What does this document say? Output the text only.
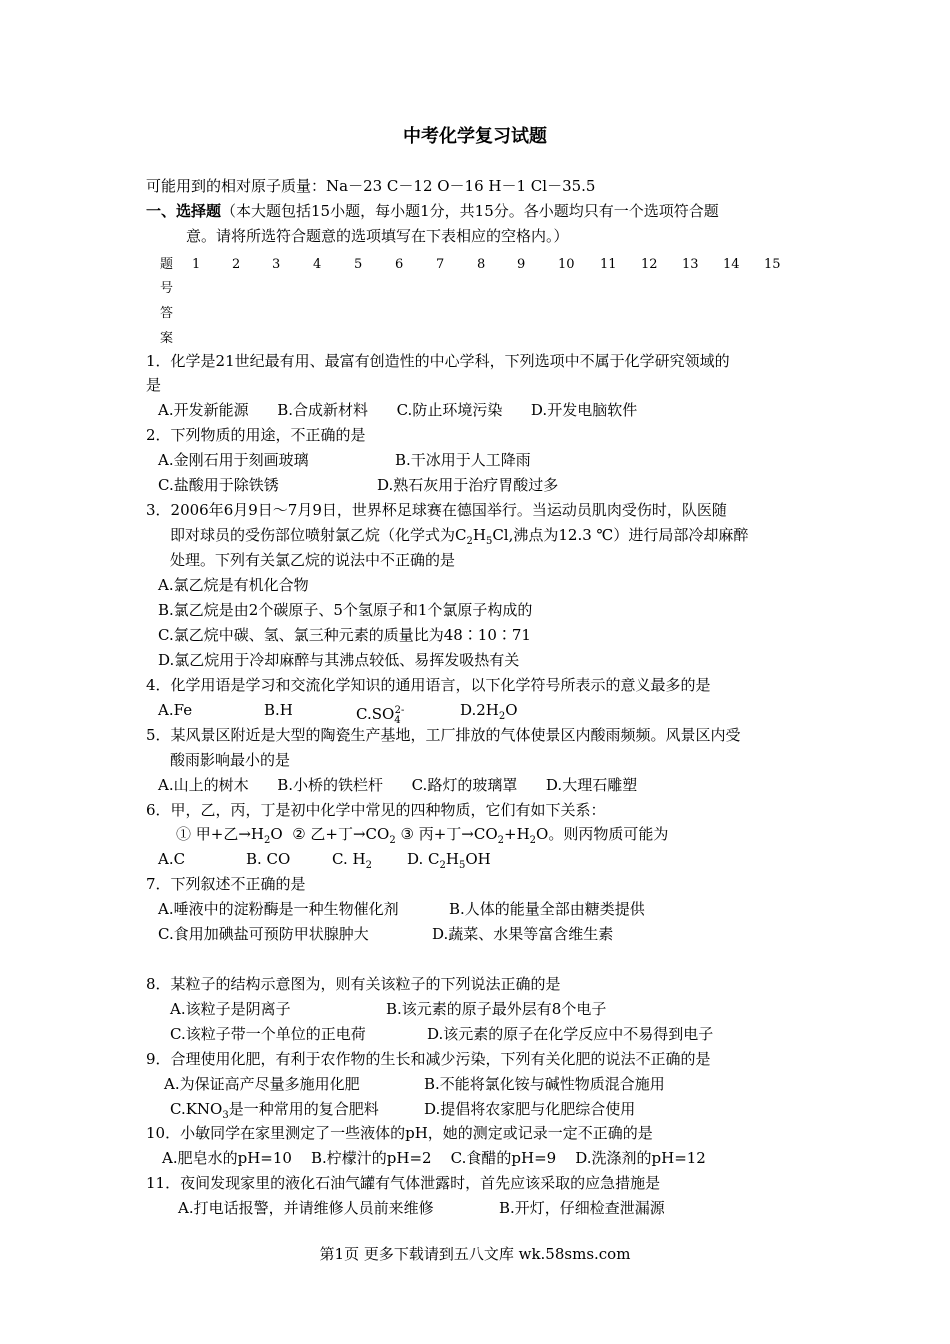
中考化学复习试题
可能用到的相对原子质量：Na－23 C－12 O－16 H－1 Cl－35.5
一、选择题（本大题包括15小题，每小题1分，共15分。各小题均只有一个选项符合题
意。请将所选符合题意的选项填写在下表相应的空格内。）
题
号
答
案
1 2 3	4	5	6	7	8 9	10 11 12 13 14 15
1．化学是21世纪最有用、最富有创造性的中心学科，下列选项中不属于化学研究领域的
是
A.开发新能源      B.合成新材料      C.防止环境污染      D.开发电脑软件
2．下列物质的用途，不正确的是
A.金刚石用于刻画玻璃	B.干冰用于人工降雨
C.盐酸用于除铁锈	D.熟石灰用于治疗胃酸过多
3．2006年6月9日～7月9日，世界杯足球赛在德国举行。当运动员肌肉受伤时，队医随
即对球员的受伤部位喷射氯乙烷（化学式为$C_2H_5Cl$,沸点为12.3 ℃）进行局部冷却麻醉
处理。下列有关氯乙烷的说法中不正确的是
A.氯乙烷是有机化合物
B.氯乙烷是由2个碳原子、5个氢原子和1个氯原子构成的
C.氯乙烷中碳、氢、氯三种元素的质量比为48∶10∶71
D.氯乙烷用于冷却麻醉与其沸点较低、易挥发吸热有关
4．化学用语是学习和交流化学知识的通用语言，以下化学符号所表示的意义最多的是
A.Fe	B.H	$C.SO_4^{2-}$	$D.2H_2O$
5．某风景区附近是大型的陶瓷生产基地，工厂排放的气体使景区内酸雨频频。风景区内受
酸雨影响最小的是
A.山上的树木      B.小桥的铁栏杆      C.路灯的玻璃罩      D.大理石雕塑
6．甲，乙，丙，丁是初中化学中常见的四种物质，它们有如下关系：
① 甲+乙$\to H_2O$  ② 乙+丁$\to CO_2$ ③ 丙+丁$\to CO_2+H_2O$。则丙物质可能为
A.C	B. CO	C. $H_2$ D. $C_2H_5OH$
7．下列叙述不正确的是
A.唾液中的淀粉酶是一种生物催化剂	B.人体的能量全部由糖类提供
C.食用加碘盐可预防甲状腺肿大	D.蔬菜、水果等富含维生素
8．某粒子的结构示意图为，则有关该粒子的下列说法正确的是
A.该粒子是阴离子	B.该元素的原子最外层有8个电子
C.该粒子带一个单位的正电荷	D.该元素的原子在化学反应中不易得到电子
9．合理使用化肥，有利于农作物的生长和减少污染，下列有关化肥的说法不正确的是
A.为保证高产尽量多施用化肥	B.不能将氯化铵与碱性物质混合施用
$C.KNO_3$是一种常用的复合肥料	D.提倡将农家肥与化肥综合使用
10．小敏同学在家里测定了一些液体的pH，她的测定或记录一定不正确的是
A.肥皂水的pH=10    B.柠檬汁的pH=2    C.食醋的pH=9    D.洗涤剂的pH=12
11．夜间发现家里的液化石油气罐有气体泄露时，首先应该采取的应急措施是
A.打电话报警，并请维修人员前来维修	B.开灯，仔细检查泄漏源
第1页 更多下载请到五八文库 wk.58sms.com
